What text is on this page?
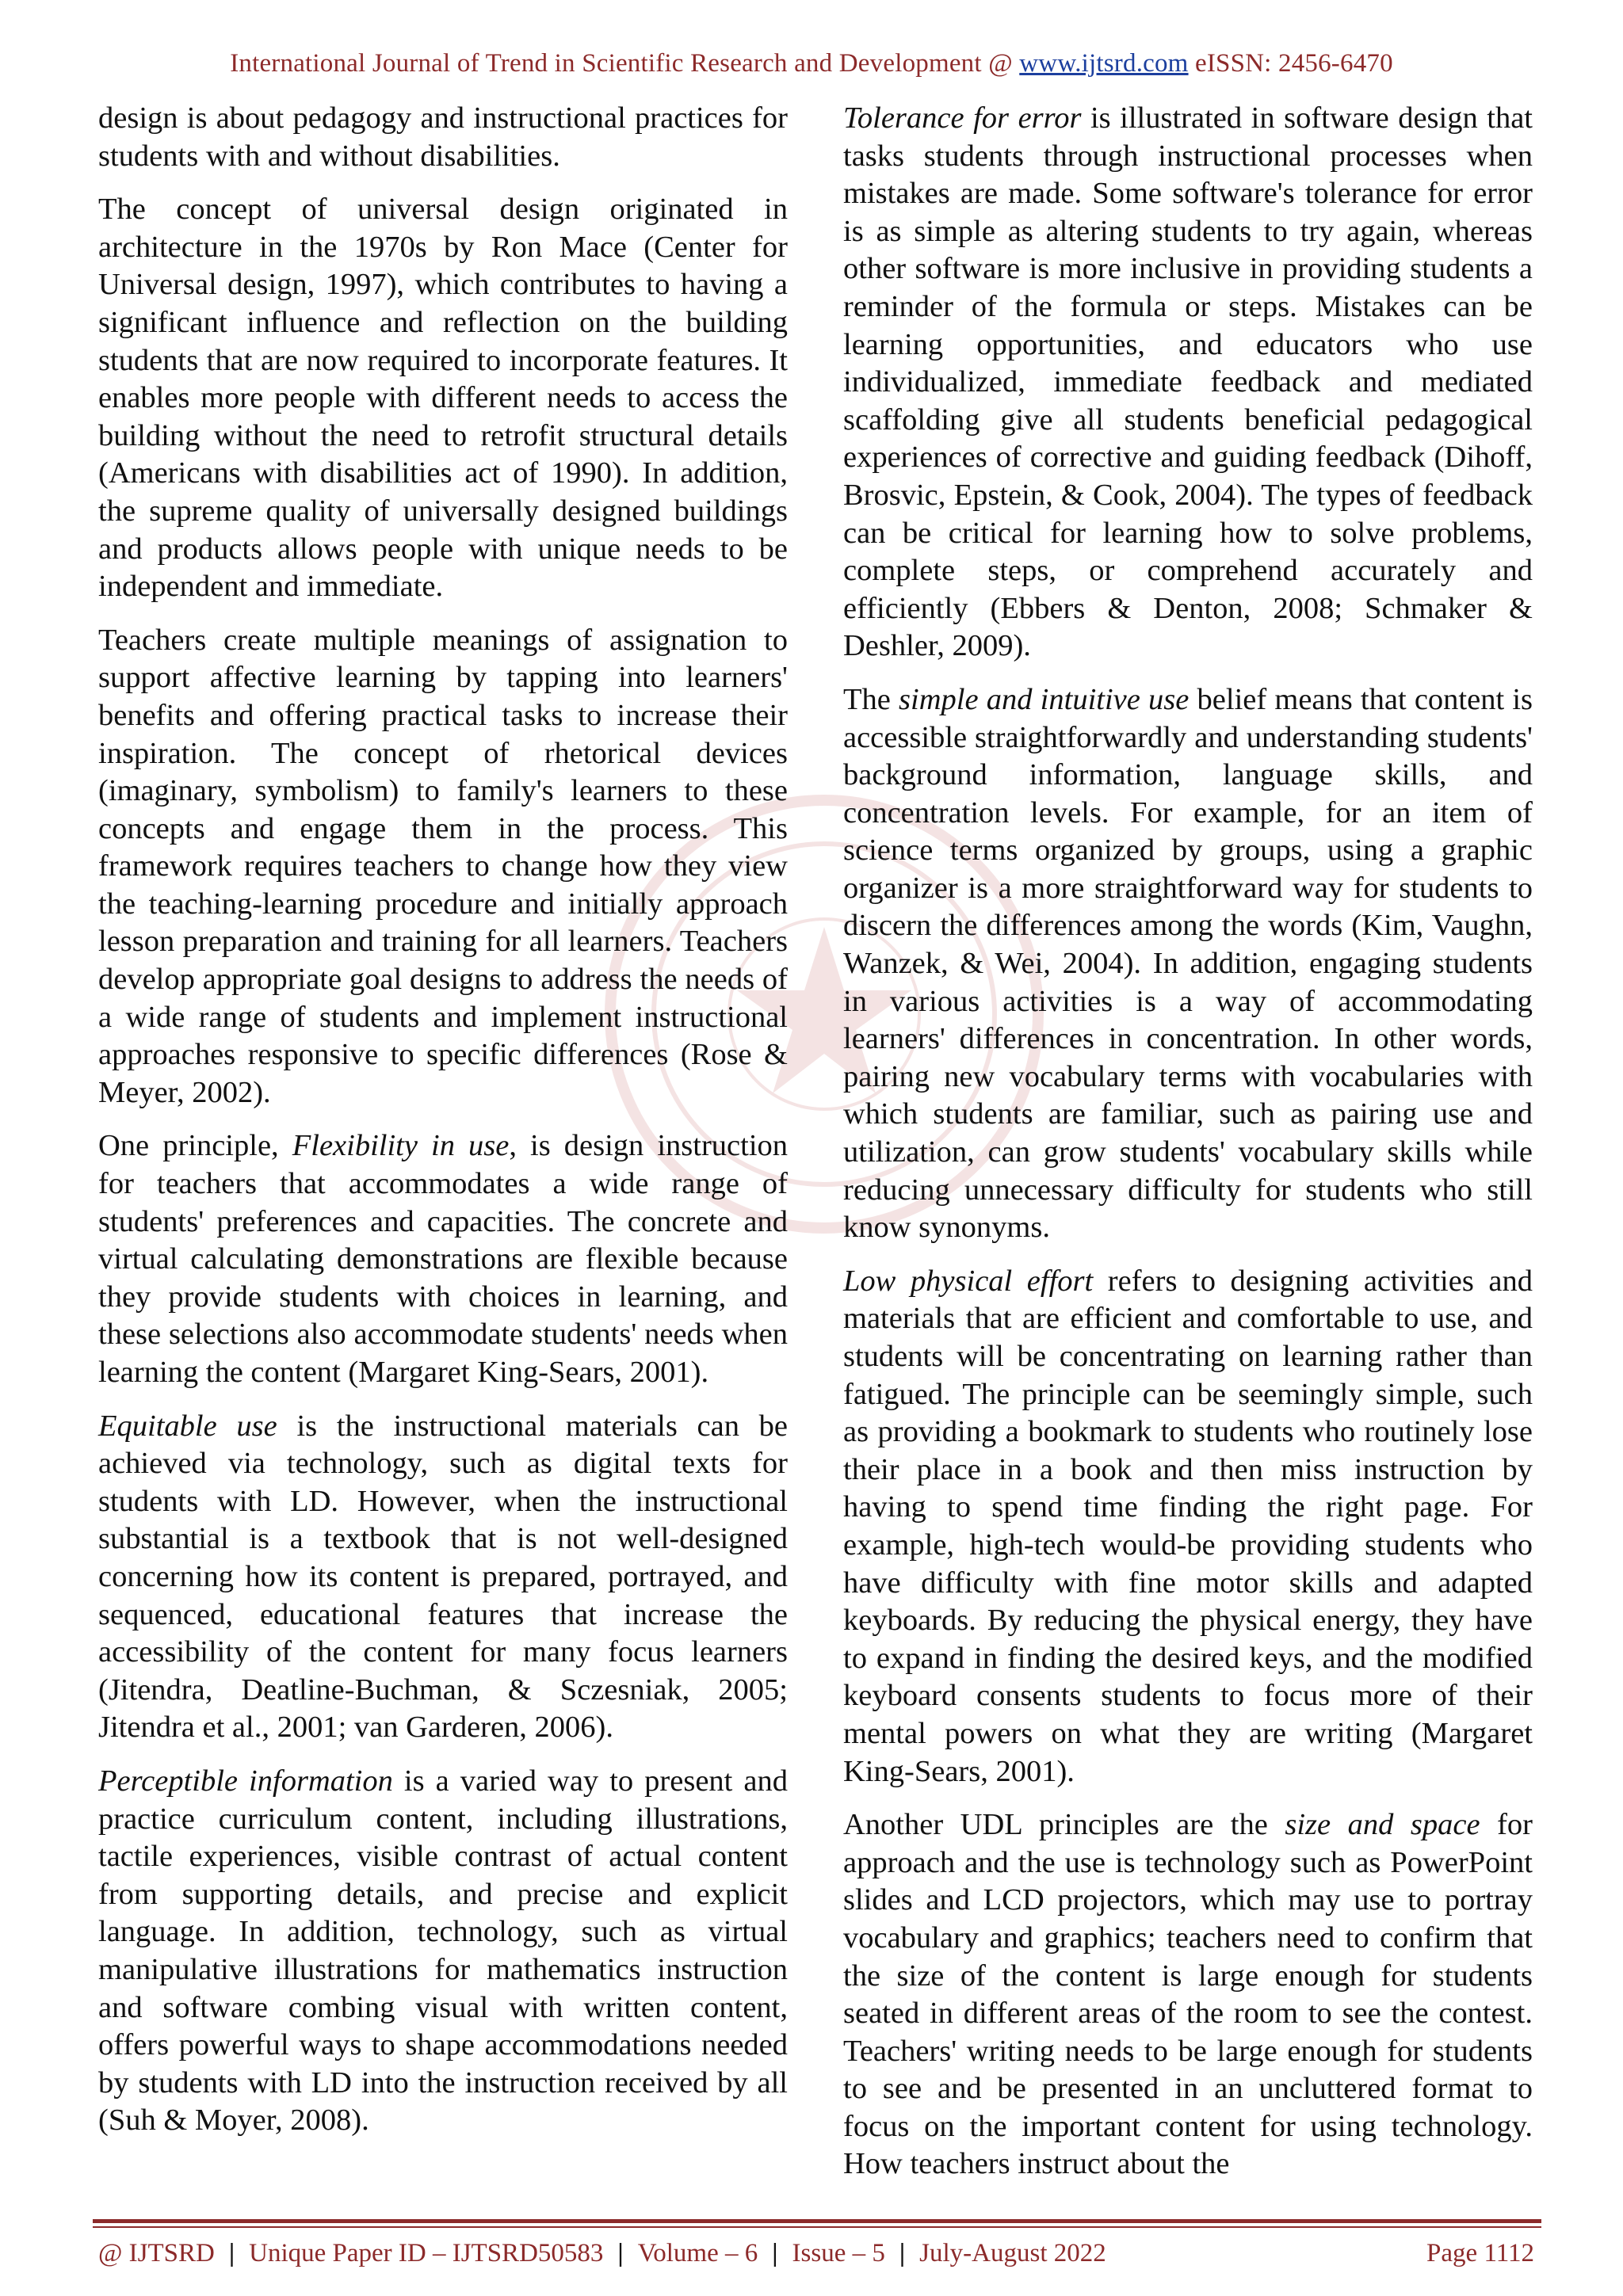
International Journal of Trend in Scientific Research and Development @ www.ijtsrd.com eISSN: 2456-6470

design is about pedagogy and instructional practices for students with and without disabilities.

The concept of universal design originated in architecture in the 1970s by Ron Mace (Center for Universal design, 1997), which contributes to having a significant influence and reflection on the building students that are now required to incorporate features. It enables more people with different needs to access the building without the need to retrofit structural details (Americans with disabilities act of 1990). In addition, the supreme quality of universally designed buildings and products allows people with unique needs to be independent and immediate.

Teachers create multiple meanings of assignation to support affective learning by tapping into learners' benefits and offering practical tasks to increase their inspiration. The concept of rhetorical devices (imaginary, symbolism) to family's learners to these concepts and engage them in the process. This framework requires teachers to change how they view the teaching-learning procedure and initially approach lesson preparation and training for all learners. Teachers develop appropriate goal designs to address the needs of a wide range of students and implement instructional approaches responsive to specific differences (Rose & Meyer, 2002).

One principle, Flexibility in use, is design instruction for teachers that accommodates a wide range of students' preferences and capacities. The concrete and virtual calculating demonstrations are flexible because they provide students with choices in learning, and these selections also accommodate students' needs when learning the content (Margaret King-Sears, 2001).

Equitable use is the instructional materials can be achieved via technology, such as digital texts for students with LD. However, when the instructional substantial is a textbook that is not well-designed concerning how its content is prepared, portrayed, and sequenced, educational features that increase the accessibility of the content for many focus learners (Jitendra, Deatline-Buchman, & Sczesniak, 2005; Jitendra et al., 2001; van Garderen, 2006).

Perceptible information is a varied way to present and practice curriculum content, including illustrations, tactile experiences, visible contrast of actual content from supporting details, and precise and explicit language. In addition, technology, such as virtual manipulative illustrations for mathematics instruction and software combing visual with written content, offers powerful ways to shape accommodations needed by students with LD into the instruction received by all (Suh & Moyer, 2008).

Tolerance for error is illustrated in software design that tasks students through instructional processes when mistakes are made. Some software's tolerance for error is as simple as altering students to try again, whereas other software is more inclusive in providing students a reminder of the formula or steps. Mistakes can be learning opportunities, and educators who use individualized, immediate feedback and mediated scaffolding give all students beneficial pedagogical experiences of corrective and guiding feedback (Dihoff, Brosvic, Epstein, & Cook, 2004). The types of feedback can be critical for learning how to solve problems, complete steps, or comprehend accurately and efficiently (Ebbers & Denton, 2008; Schmaker & Deshler, 2009).

The simple and intuitive use belief means that content is accessible straightforwardly and understanding students' background information, language skills, and concentration levels. For example, for an item of science terms organized by groups, using a graphic organizer is a more straightforward way for students to discern the differences among the words (Kim, Vaughn, Wanzek, & Wei, 2004). In addition, engaging students in various activities is a way of accommodating learners' differences in concentration. In other words, pairing new vocabulary terms with vocabularies with which students are familiar, such as pairing use and utilization, can grow students' vocabulary skills while reducing unnecessary difficulty for students who still know synonyms.

Low physical effort refers to designing activities and materials that are efficient and comfortable to use, and students will be concentrating on learning rather than fatigued. The principle can be seemingly simple, such as providing a bookmark to students who routinely lose their place in a book and then miss instruction by having to spend time finding the right page. For example, high-tech would-be providing students who have difficulty with fine motor skills and adapted keyboards. By reducing the physical energy, they have to expand in finding the desired keys, and the modified keyboard consents students to focus more of their mental powers on what they are writing (Margaret King-Sears, 2001).

Another UDL principles are the size and space for approach and the use is technology such as PowerPoint slides and LCD projectors, which may use to portray vocabulary and graphics; teachers need to confirm that the size of the content is large enough for students seated in different areas of the room to see the contest. Teachers' writing needs to be large enough for students to see and be presented in an uncluttered format to focus on the important content for using technology. How teachers instruct about the

@ IJTSRD | Unique Paper ID – IJTSRD50583 | Volume – 6 | Issue – 5 | July-August 2022	Page 1112
